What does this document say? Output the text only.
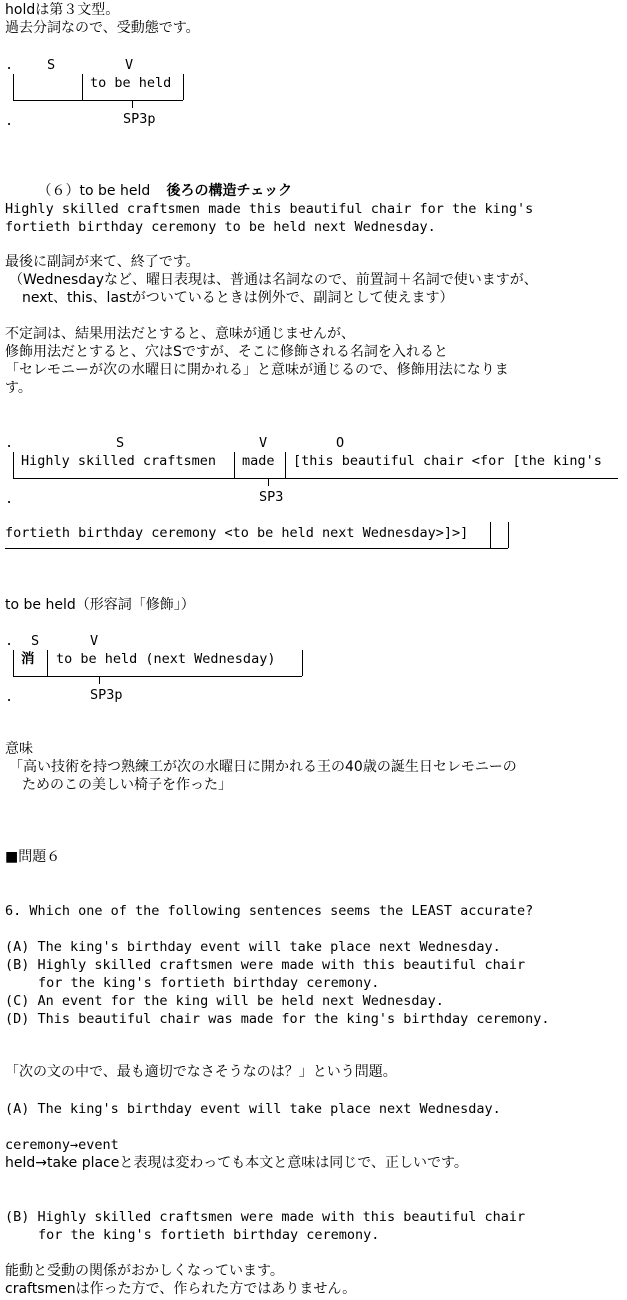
holdは第３文型。
過去分詞なので、受動態です。
.	S	V
to be held
.	SP3p

（６）to be held 後ろの構造チェック

Highly skilled craftsmen made this beautiful chair for the king's
fortieth birthday ceremony to be held next Wednesday.
最後に副詞が来て、終了です。
（Wednesdayなど、曜日表現は、普通は名詞なので、前置詞＋名詞で使いますが、
next、this、lastがついているときは例外で、副詞として使えます）
不定詞は、結果用法だとすると、意味が通じませんが、
修飾用法だとすると、穴はSですが、そこに修飾される名詞を入れると
「セレモニーが次の水曜日に開かれる」と意味が通じるので、修飾用法になりま
す。
.	S	V	O
Highly skilled craftsmen made [this beautiful chair <for [the king's
.	SP3
fortieth birthday ceremony <to be held next Wednesday>]>]
to be held（形容詞「修飾」）
. S	V
消 to be held (next Wednesday)
.	SP3p
意味
「高い技術を持つ熟練工が次の水曜日に開かれる王の40歳の誕生日セレモニーの
ためのこの美しい椅子を作った」
■問題６
6. Which one of the following sentences seems the LEAST accurate?
(A) The king's birthday event will take place next Wednesday.
(B) Highly skilled craftsmen were made with this beautiful chair
for the king's fortieth birthday ceremony.
(C) An event for the king will be held next Wednesday.
(D) This beautiful chair was made for the king's birthday ceremony.
「次の文の中で、最も適切でなさそうなのは？」という問題。
(A) The king's birthday event will take place next Wednesday.
ceremony→event
held→take placeと表現は変わっても本文と意味は同じで、正しいです。
(B) Highly skilled craftsmen were made with this beautiful chair
for the king's fortieth birthday ceremony.
能動と受動の関係がおかしくなっています。
craftsmenは作った方で、作られた方ではありません。
